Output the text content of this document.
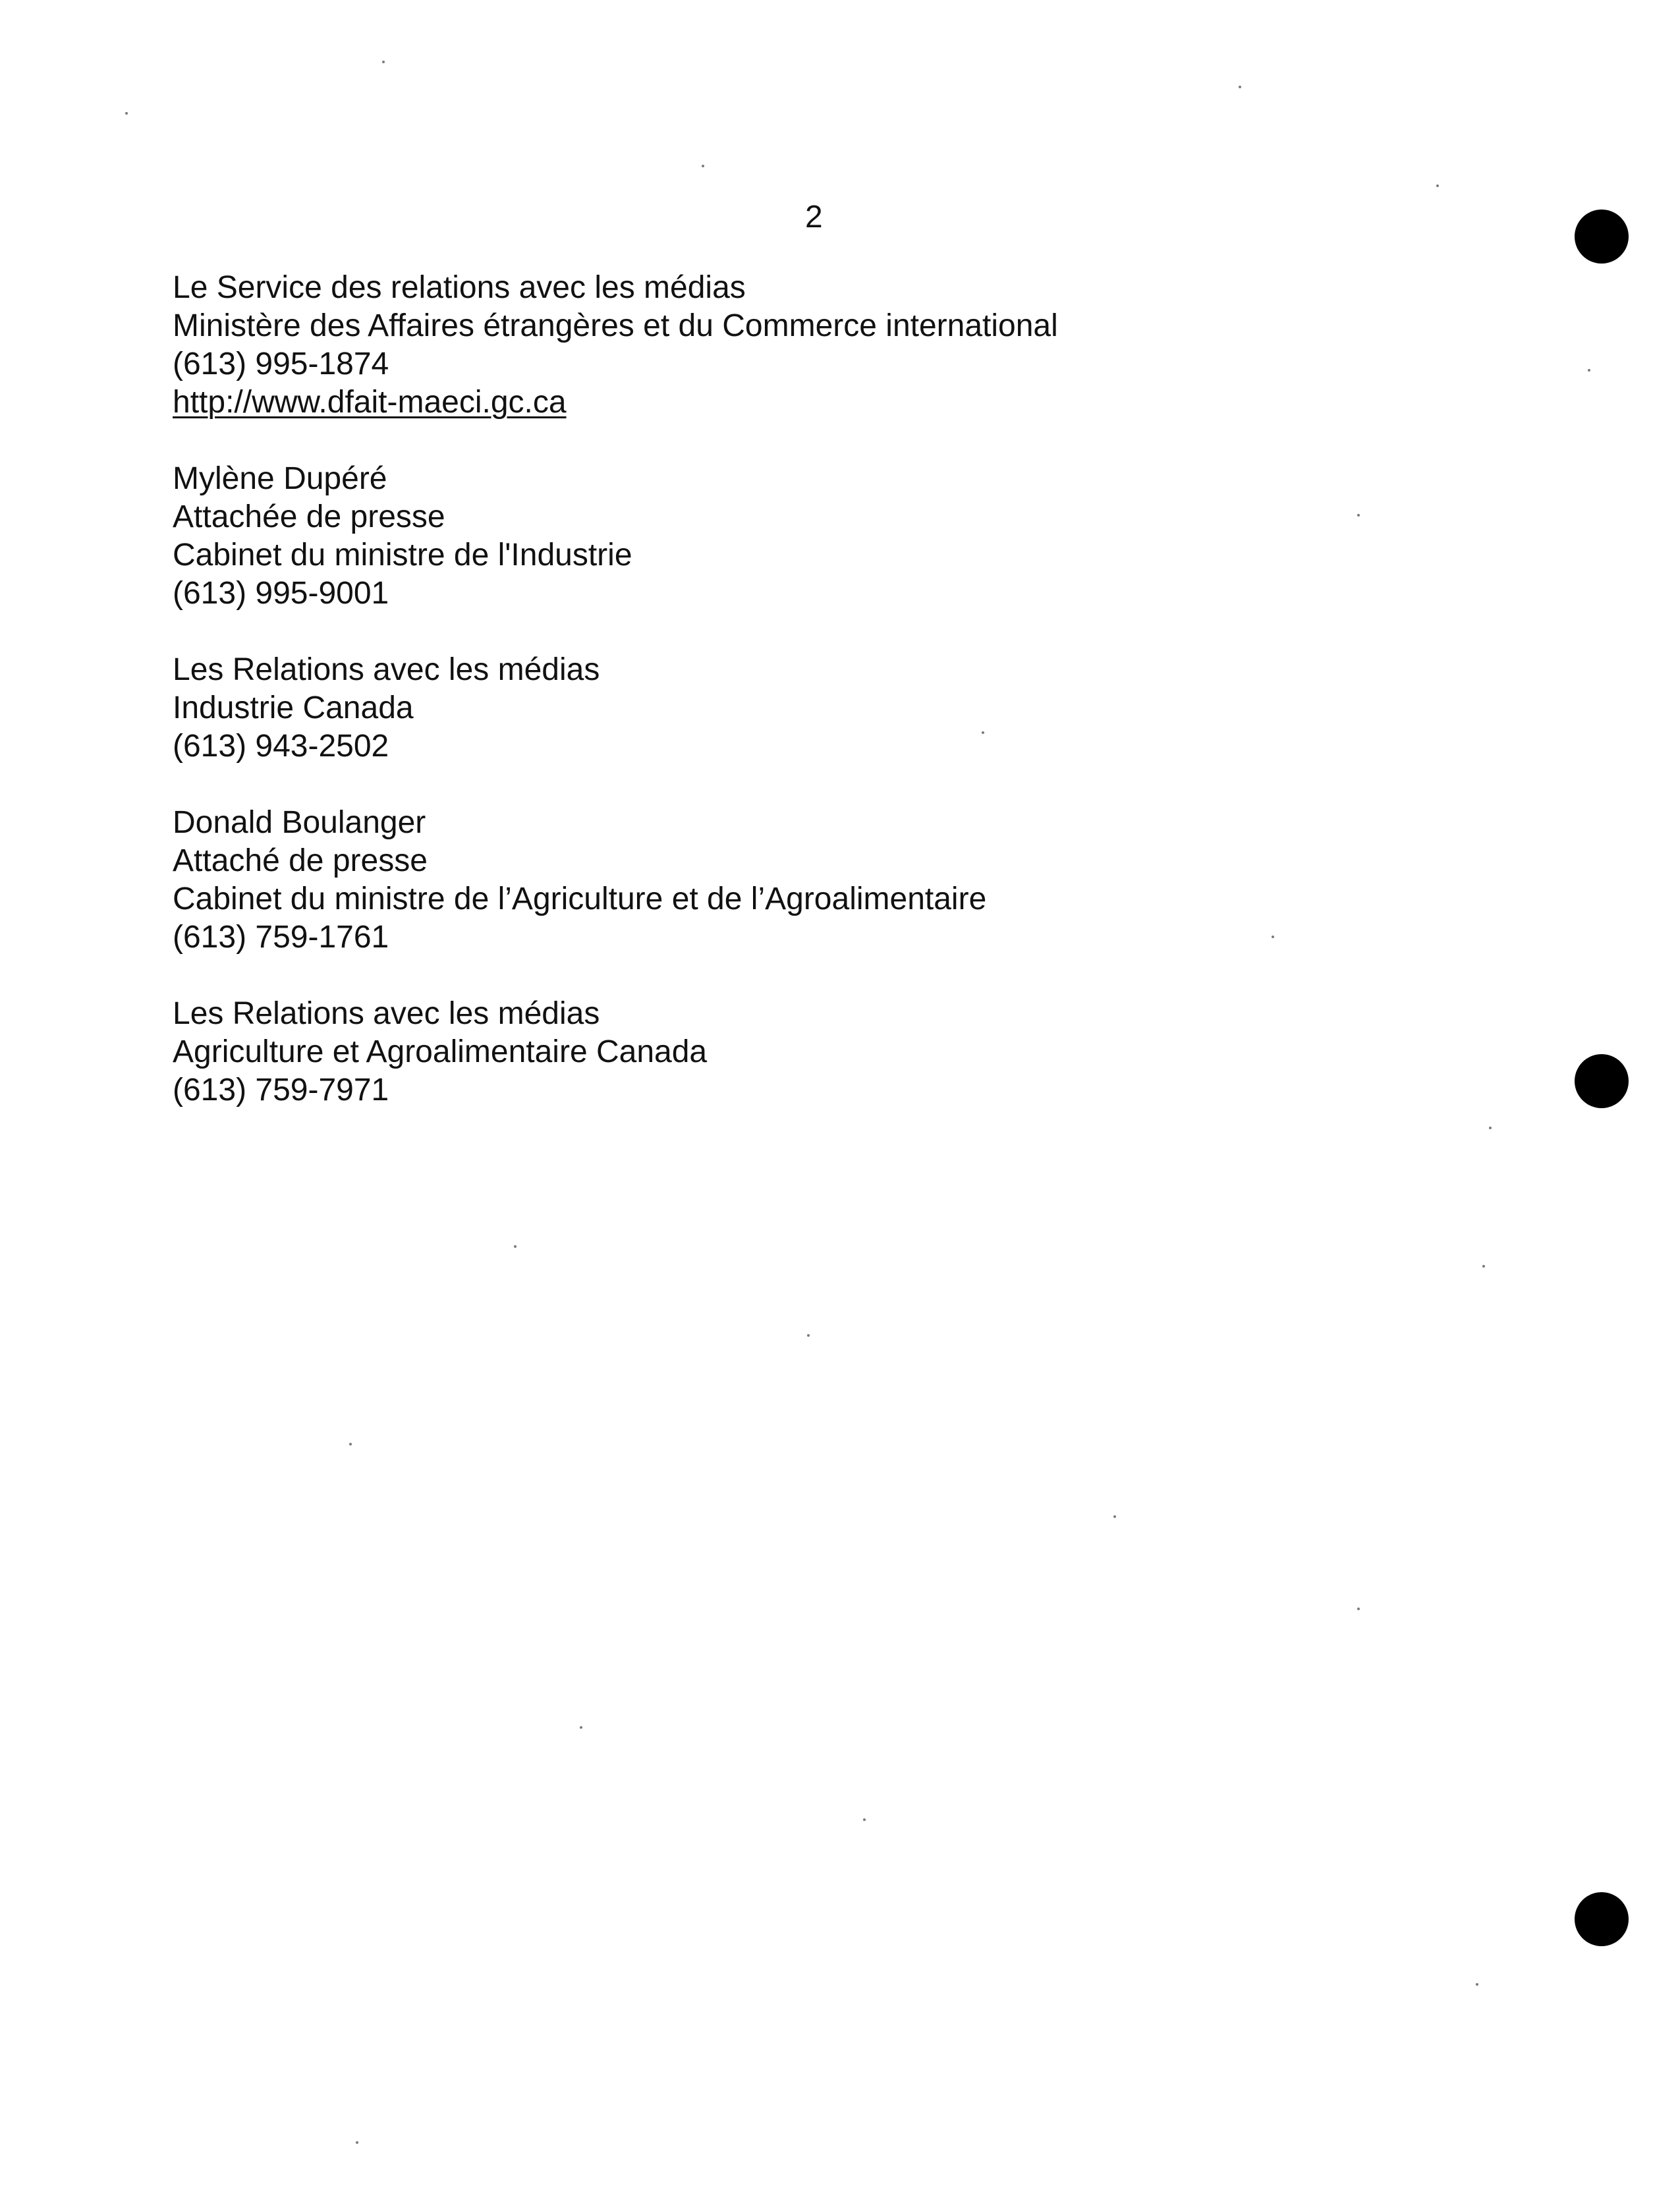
2
Le Service des relations avec les médias
Ministère des Affaires étrangères et du Commerce international
(613) 995-1874
http://www.dfait-maeci.gc.ca
Mylène Dupéré
Attachée de presse
Cabinet du ministre de l'Industrie
(613) 995-9001
Les Relations avec les médias
Industrie Canada
(613) 943-2502
Donald Boulanger
Attaché de presse
Cabinet du ministre de l’Agriculture et de l’Agroalimentaire
(613) 759-1761
Les Relations avec les médias
Agriculture et Agroalimentaire Canada
(613) 759-7971
